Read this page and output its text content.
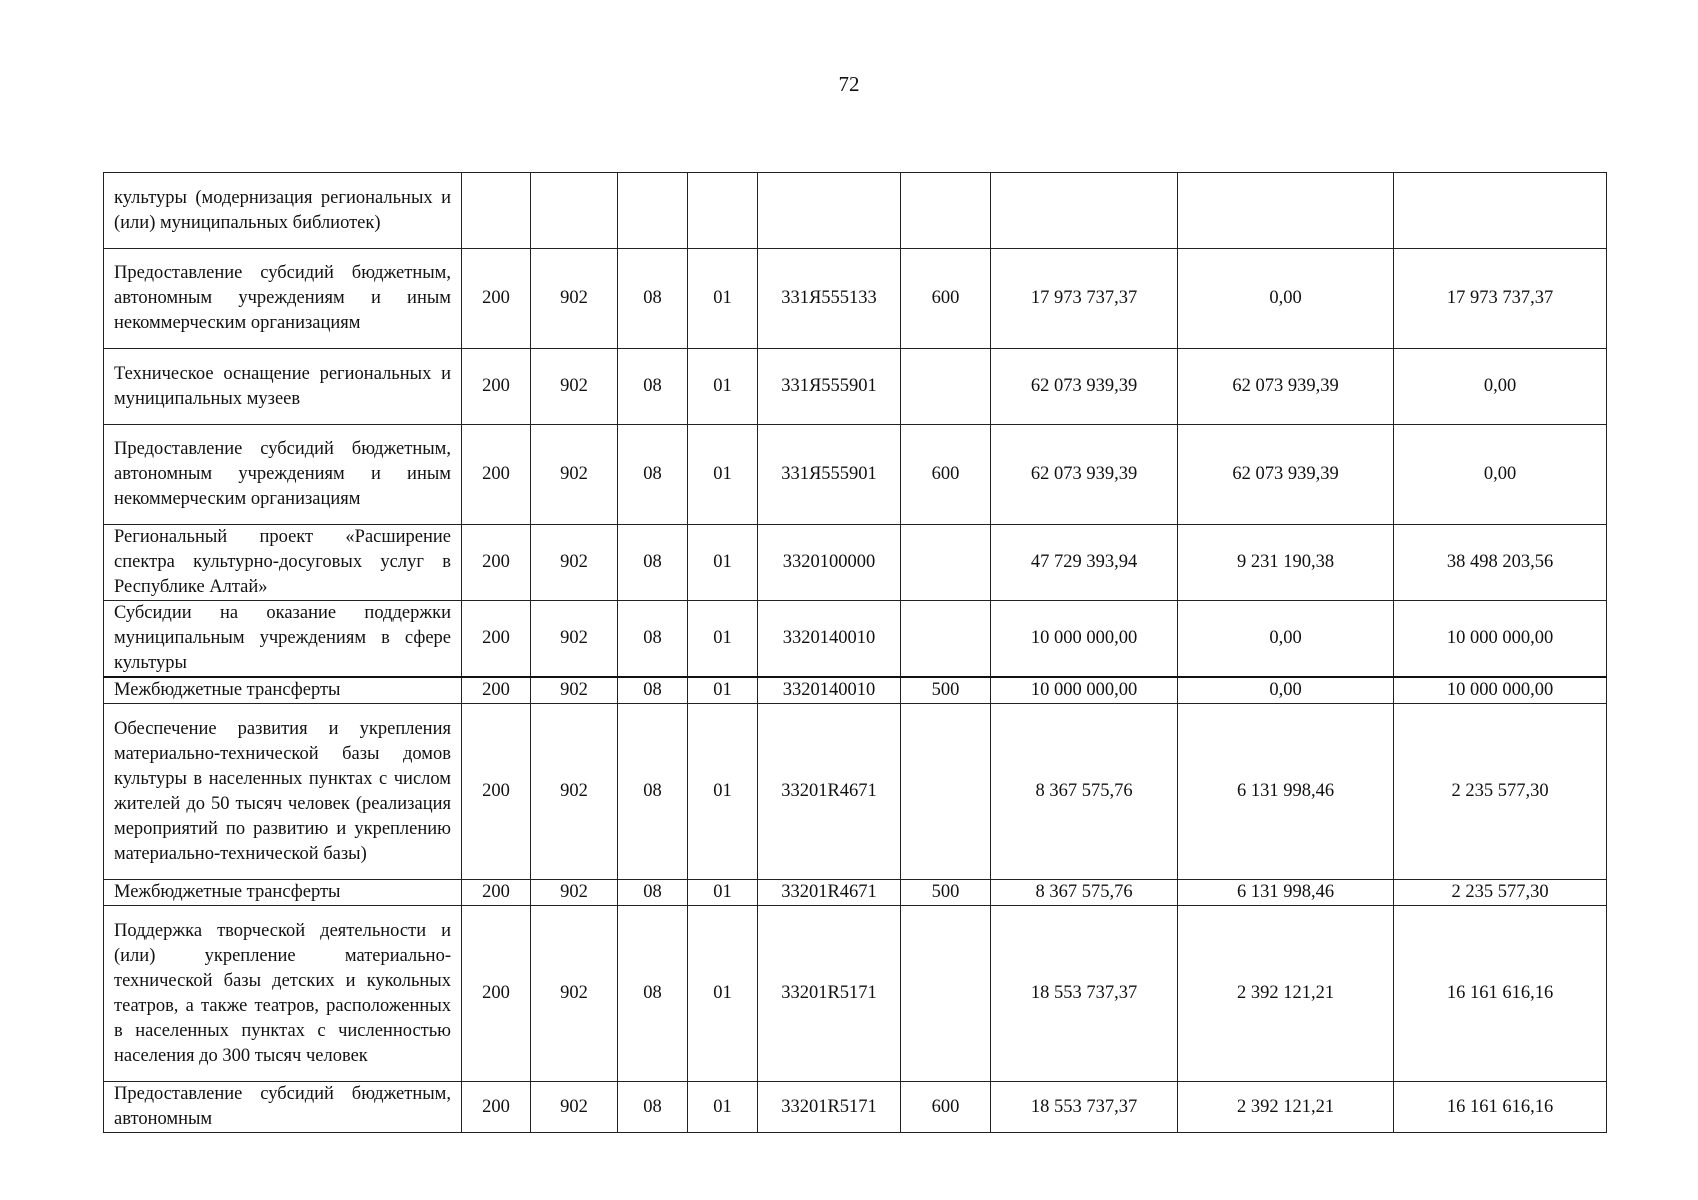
72
культуры (модернизация региональных и (или) муниципальных библиотек)									
Предоставление субсидий бюджетным, автономным учреждениям и иным некоммерческим организациям	200	902	08	01	331Я555133	600	17 973 737,37	0,00	17 973 737,37
Техническое оснащение региональных и муниципальных музеев	200	902	08	01	331Я555901		62 073 939,39	62 073 939,39	0,00
Предоставление субсидий бюджетным, автономным учреждениям и иным некоммерческим организациям	200	902	08	01	331Я555901	600	62 073 939,39	62 073 939,39	0,00
Региональный проект «Расширение спектра культурно-досуговых услуг в Республике Алтай»	200	902	08	01	3320100000		47 729 393,94	9 231 190,38	38 498 203,56
Субсидии на оказание поддержки муниципальным учреждениям в сфере культуры	200	902	08	01	3320140010		10 000 000,00	0,00	10 000 000,00
Межбюджетные трансферты	200	902	08	01	3320140010	500	10 000 000,00	0,00	10 000 000,00
Обеспечение развития и укрепления материально-технической базы домов культуры в населенных пунктах с числом жителей до 50 тысяч человек (реализация мероприятий по развитию и укреплению материально-технической базы)	200	902	08	01	33201R4671		8 367 575,76	6 131 998,46	2 235 577,30
Межбюджетные трансферты	200	902	08	01	33201R4671	500	8 367 575,76	6 131 998,46	2 235 577,30
Поддержка творческой деятельности и (или) укрепление материально-технической базы детских и кукольных театров, а также театров, расположенных в населенных пунктах с численностью населения до 300 тысяч человек	200	902	08	01	33201R5171		18 553 737,37	2 392 121,21	16 161 616,16
Предоставление субсидий бюджетным, автономным	200	902	08	01	33201R5171	600	18 553 737,37	2 392 121,21	16 161 616,16
